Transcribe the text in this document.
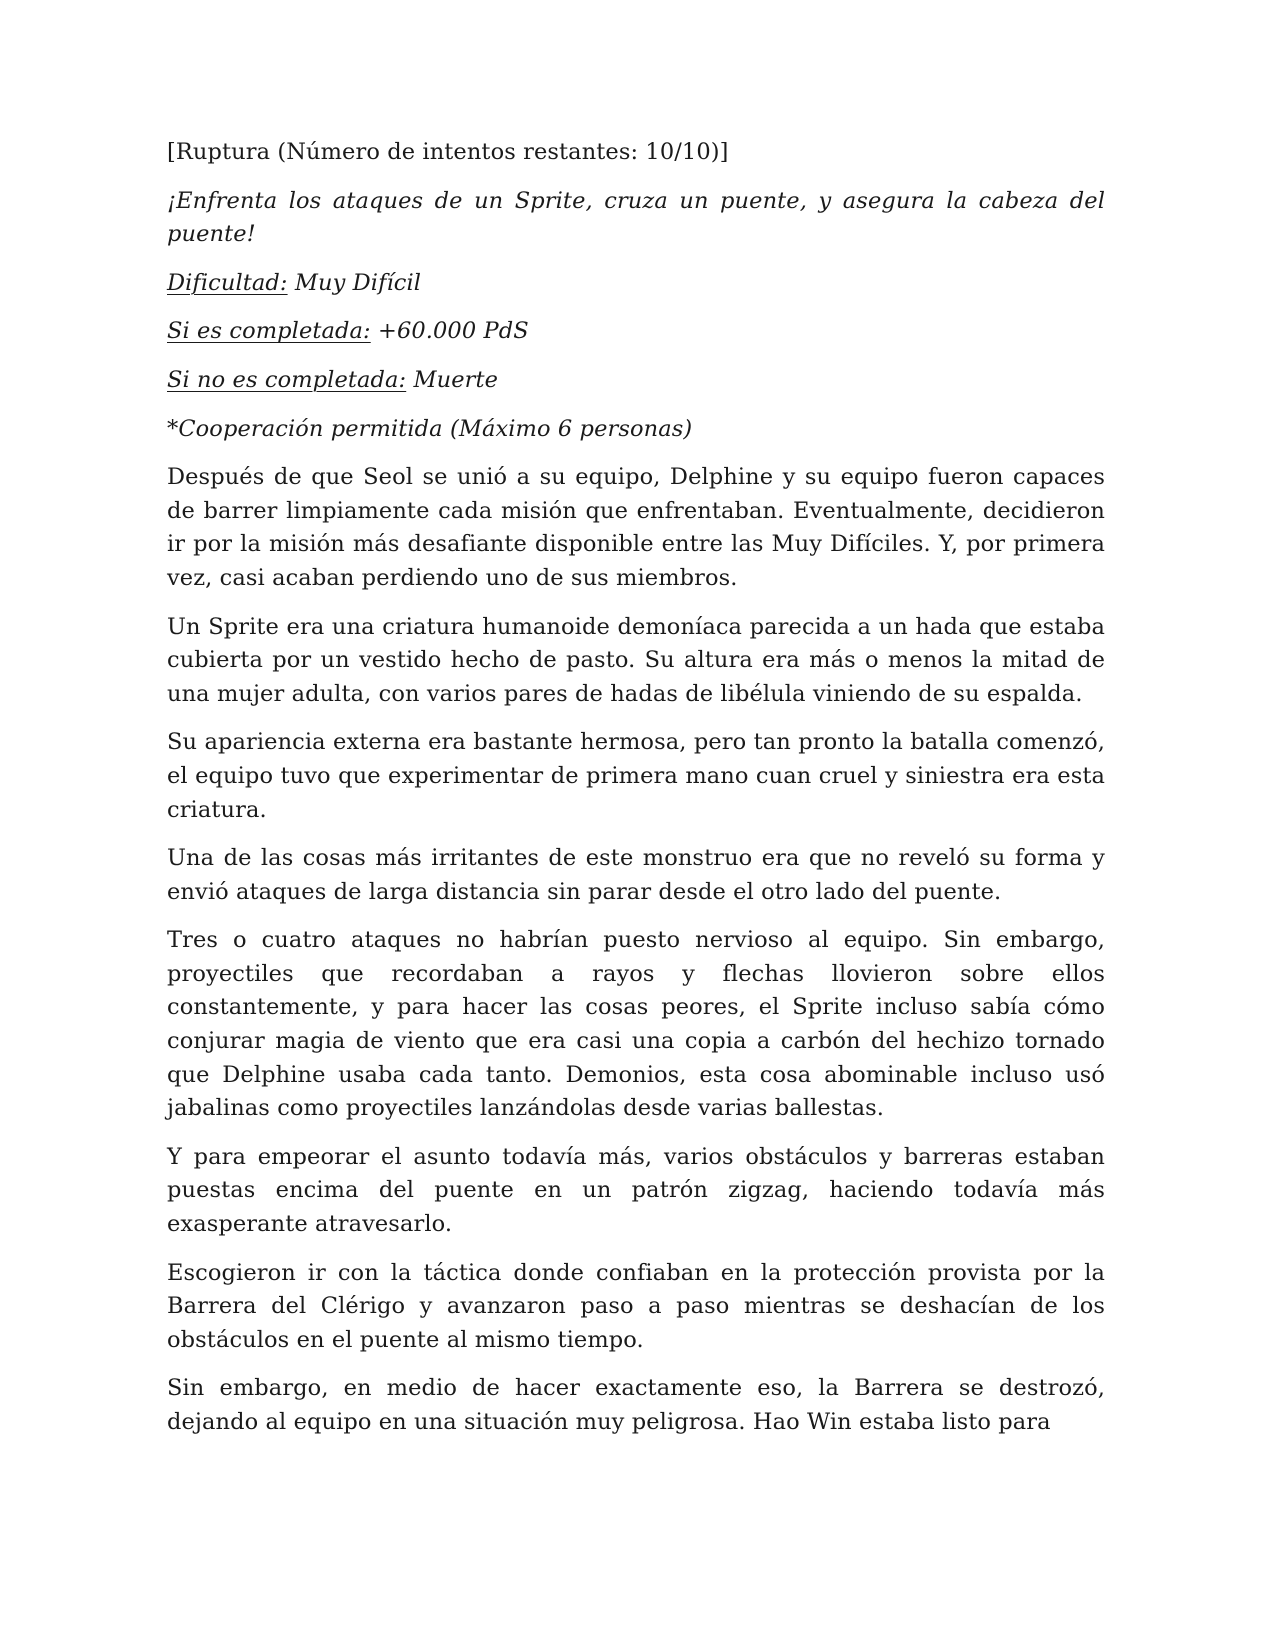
[Ruptura (Número de intentos restantes: 10/10)]

¡Enfrenta los ataques de un Sprite, cruza un puente, y asegura la cabeza del puente!

Dificultad: Muy Difícil

Si es completada: +60.000 PdS

Si no es completada: Muerte

*Cooperación permitida (Máximo 6 personas)

Después de que Seol se unió a su equipo, Delphine y su equipo fueron capaces de barrer limpiamente cada misión que enfrentaban. Eventualmente, decidieron ir por la misión más desafiante disponible entre las Muy Difíciles. Y, por primera vez, casi acaban perdiendo uno de sus miembros.

Un Sprite era una criatura humanoide demoníaca parecida a un hada que estaba cubierta por un vestido hecho de pasto. Su altura era más o menos la mitad de una mujer adulta, con varios pares de hadas de libélula viniendo de su espalda.

Su apariencia externa era bastante hermosa, pero tan pronto la batalla comenzó, el equipo tuvo que experimentar de primera mano cuan cruel y siniestra era esta criatura.

Una de las cosas más irritantes de este monstruo era que no reveló su forma y envió ataques de larga distancia sin parar desde el otro lado del puente.

Tres o cuatro ataques no habrían puesto nervioso al equipo. Sin embargo, proyectiles que recordaban a rayos y flechas llovieron sobre ellos constantemente, y para hacer las cosas peores, el Sprite incluso sabía cómo conjurar magia de viento que era casi una copia a carbón del hechizo tornado que Delphine usaba cada tanto. Demonios, esta cosa abominable incluso usó jabalinas como proyectiles lanzándolas desde varias ballestas.

Y para empeorar el asunto todavía más, varios obstáculos y barreras estaban puestas encima del puente en un patrón zigzag, haciendo todavía más exasperante atravesarlo.

Escogieron ir con la táctica donde confiaban en la protección provista por la Barrera del Clérigo y avanzaron paso a paso mientras se deshacían de los obstáculos en el puente al mismo tiempo.

Sin embargo, en medio de hacer exactamente eso, la Barrera se destrozó, dejando al equipo en una situación muy peligrosa. Hao Win estaba listo para
